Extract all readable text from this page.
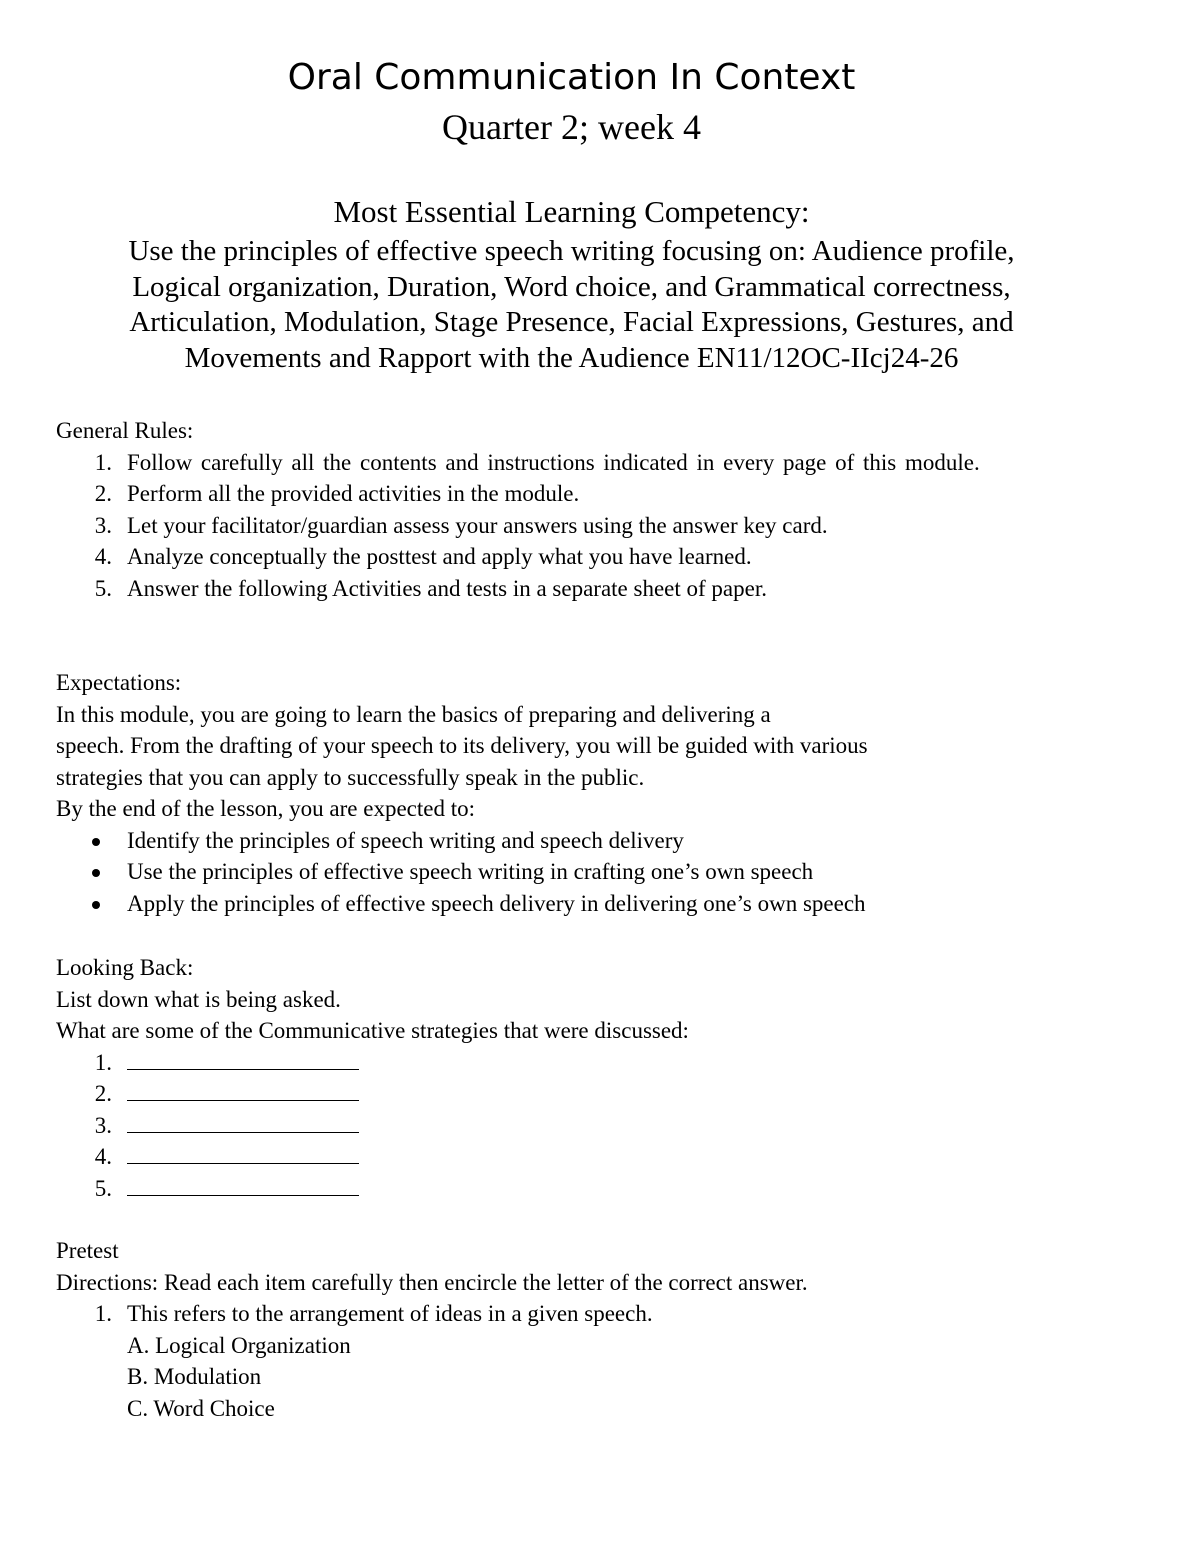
Oral Communication In Context
Quarter 2; week 4
Most Essential Learning Competency:
Use the principles of effective speech writing focusing on: Audience profile, Logical organization, Duration, Word choice, and Grammatical correctness, Articulation, Modulation, Stage Presence, Facial Expressions, Gestures, and Movements and Rapport with the Audience EN11/12OC-IIcj24-26

General Rules:

1. Follow carefully all the contents and instructions indicated in every page of this module.
2. Perform all the provided activities in the module.
3. Let your facilitator/guardian assess your answers using the answer key card.
4. Analyze conceptually the posttest and apply what you have learned.
5. Answer the following Activities and tests in a separate sheet of paper.

Expectations:

In this module, you are going to learn the basics of preparing and delivering a

speech. From the drafting of your speech to its delivery, you will be guided with various

strategies that you can apply to successfully speak in the public.

By the end of the lesson, you are expected to:

Identify the principles of speech writing and speech delivery
Use the principles of effective speech writing in crafting one’s own speech
Apply the principles of effective speech delivery in delivering one’s own speech

Looking Back:

List down what is being asked.

What are some of the Communicative strategies that were discussed:

1.
2.
3.
4.
5.

Pretest

Directions: Read each item carefully then encircle the letter of the correct answer.

1. This refers to the arrangement of ideas in a given speech.

A. Logical Organization

B. Modulation

C. Word Choice
